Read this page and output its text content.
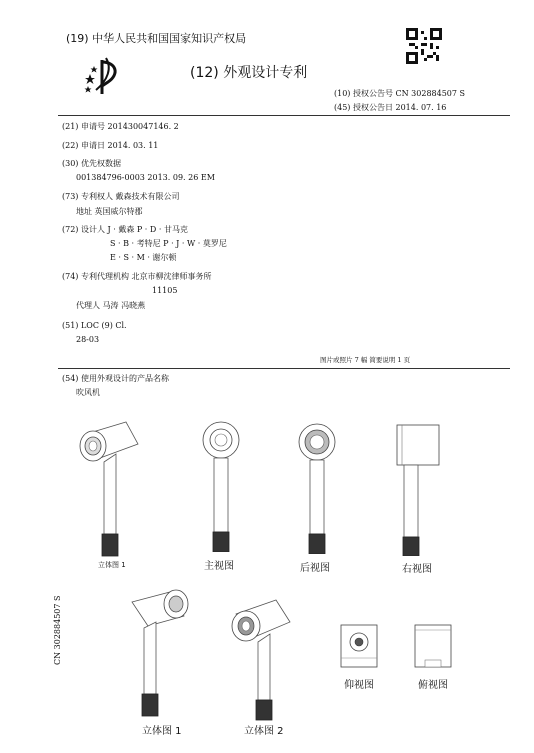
(19) 中华人民共和国国家知识产权局
(12) 外观设计专利
(10) 授权公告号 CN 302884507 S
(45) 授权公告日 2014. 07. 16
(21) 申请号 201430047146. 2
(22) 申请日 2014. 03. 11
(30) 优先权数据
001384796-0003 2013. 09. 26 EM
(73) 专利权人 戴森技术有限公司
地址 英国威尔特郡
(72) 设计人 J · 戴森 P · D · 甘马克
S · B · 考特尼 P · J · W · 莫罗尼
E · S · M · 谢尔顿
(74) 专利代理机构 北京市柳沈律师事务所
11105
代理人 马涛 冯晓燕
(51) LOC (9) Cl.
28-03
图片或照片 7 幅 简要说明 1 页
(54) 使用外观设计的产品名称
吹风机
立体图 1	主视图	后视图	右视图
CN 302884507 S
立体图 1	立体图 2
仰视图	俯视图
